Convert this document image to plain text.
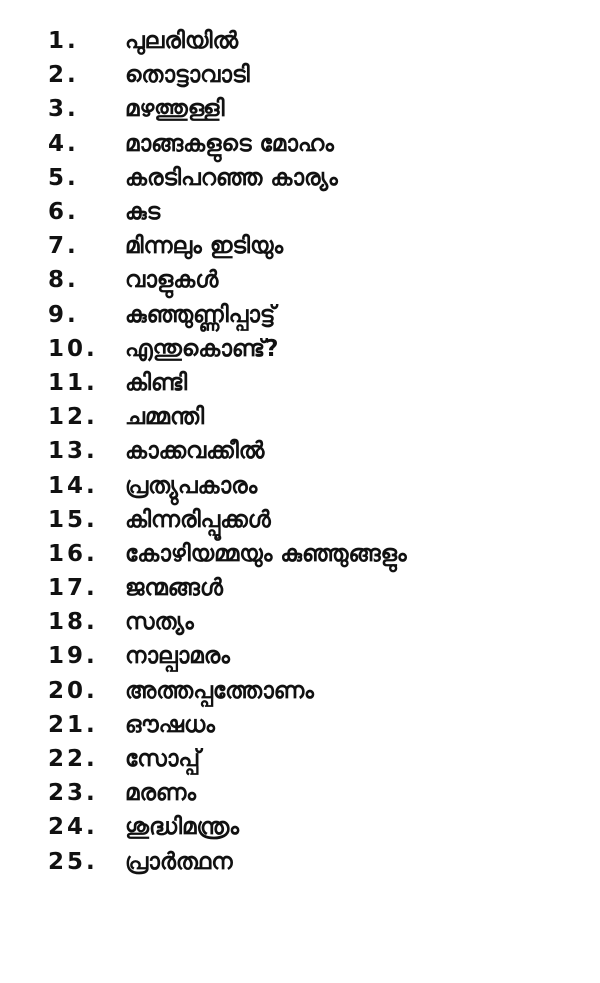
1.	പുലരിയിൽ
2.	തൊട്ടാവാടി
3.	മഴത്തുള്ളി
4.	മാങ്ങകളുടെ മോഹം
5.	കരടിപറഞ്ഞ കാര്യം
6.	കുട
7.	മിന്നലും ഇടിയും
8.	വാളുകൾ
9.	കുഞ്ഞുണ്ണിപ്പാട്ട്
10.	എന്തുകൊണ്ട്?
11.	കിണ്ടി
12.	ചമ്മന്തി
13.	കാക്കവക്കീൽ
14.	പ്രത്യുപകാരം
15.	കിന്നരിപ്പൂക്കൾ
16.	കോഴിയമ്മയും കുഞ്ഞുങ്ങളും
17.	ജന്മങ്ങൾ
18.	സത്യം
19.	നാല്പാമരം
20.	അത്തപ്പത്തോണം
21.	ഔഷധം
22.	സോപ്പ്
23.	മരണം
24.	ശുദ്ധിമന്ത്രം
25.	പ്രാർത്ഥന
